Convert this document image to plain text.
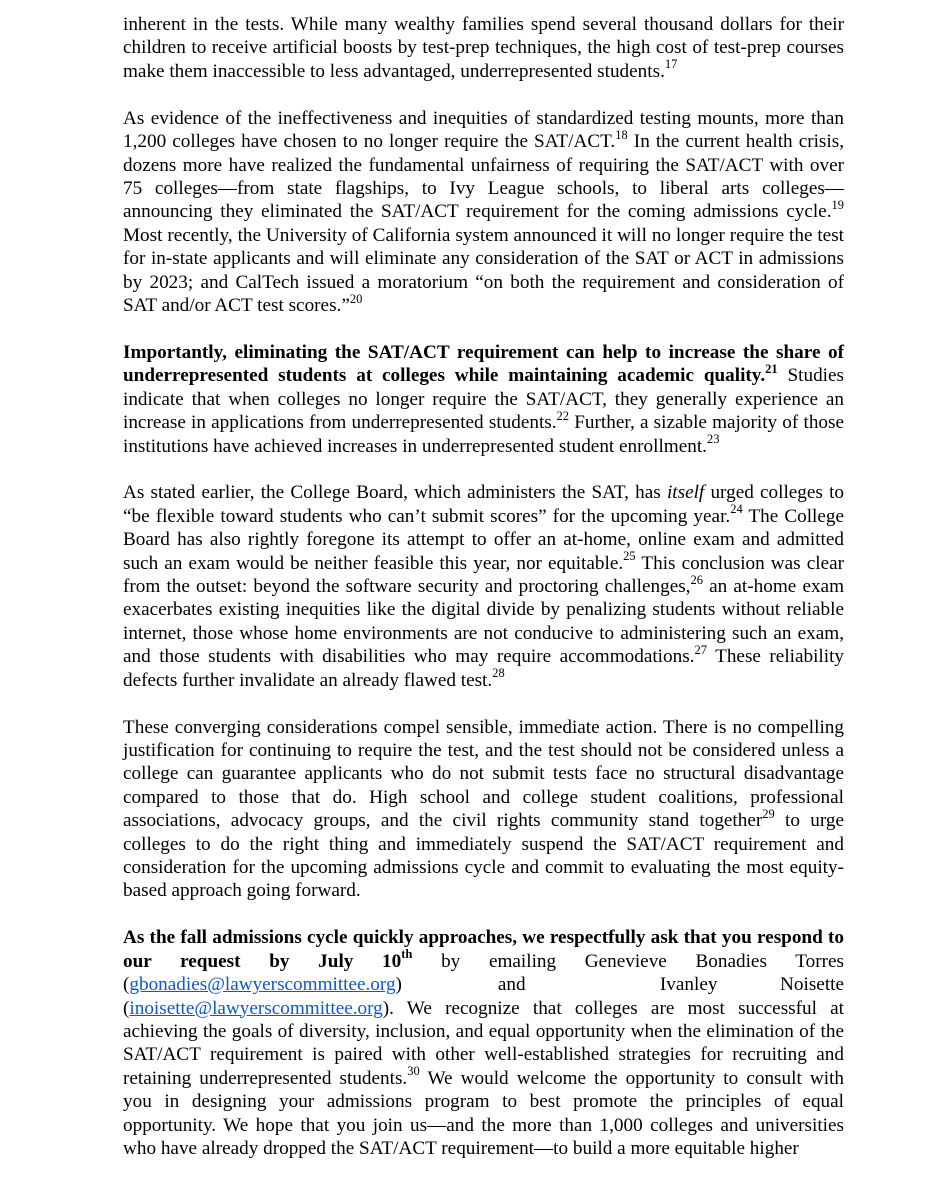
inherent in the tests. While many wealthy families spend several thousand dollars for their children to receive artificial boosts by test-prep techniques, the high cost of test-prep courses make them inaccessible to less advantaged, underrepresented students.$^{17}$

As evidence of the ineffectiveness and inequities of standardized testing mounts, more than 1,200 colleges have chosen to no longer require the SAT/ACT.$^{18}$ In the current health crisis, dozens more have realized the fundamental unfairness of requiring the SAT/ACT with over 75 colleges—from state flagships, to Ivy League schools, to liberal arts colleges—announcing they eliminated the SAT/ACT requirement for the coming admissions cycle.$^{19}$ Most recently, the University of California system announced it will no longer require the test for in-state applicants and will eliminate any consideration of the SAT or ACT in admissions by 2023; and CalTech issued a moratorium “on both the requirement and consideration of SAT and/or ACT test scores.”$^{20}$

Importantly, eliminating the SAT/ACT requirement can help to increase the share of underrepresented students at colleges while maintaining academic quality.$^{21}$ Studies indicate that when colleges no longer require the SAT/ACT, they generally experience an increase in applications from underrepresented students.$^{22}$ Further, a sizable majority of those institutions have achieved increases in underrepresented student enrollment.$^{23}$

As stated earlier, the College Board, which administers the SAT, has itself urged colleges to “be flexible toward students who can’t submit scores” for the upcoming year.$^{24}$ The College Board has also rightly foregone its attempt to offer an at-home, online exam and admitted such an exam would be neither feasible this year, nor equitable.$^{25}$ This conclusion was clear from the outset: beyond the software security and proctoring challenges,$^{26}$ an at-home exam exacerbates existing inequities like the digital divide by penalizing students without reliable internet, those whose home environments are not conducive to administering such an exam, and those students with disabilities who may require accommodations.$^{27}$ These reliability defects further invalidate an already flawed test.$^{28}$

These converging considerations compel sensible, immediate action. There is no compelling justification for continuing to require the test, and the test should not be considered unless a college can guarantee applicants who do not submit tests face no structural disadvantage compared to those that do. High school and college student coalitions, professional associations, advocacy groups, and the civil rights community stand together$^{29}$ to urge colleges to do the right thing and immediately suspend the SAT/ACT requirement and consideration for the upcoming admissions cycle and commit to evaluating the most equity-based approach going forward.

As the fall admissions cycle quickly approaches, we respectfully ask that you respond to our request by July 10th by emailing Genevieve Bonadies Torres (gbonadies@lawyerscommittee.org)          	and              	Ivanley Noisette (inoisette@lawyerscommittee.org). We recognize that colleges are most successful at achieving the goals of diversity, inclusion, and equal opportunity when the elimination of the SAT/ACT requirement is paired with other well-established strategies for recruiting and retaining underrepresented students.$^{30}$ We would welcome the opportunity to consult with you in designing your admissions program to best promote the principles of equal opportunity. We hope that you join us—and the more than 1,000 colleges and universities who have already dropped the SAT/ACT requirement—to build a more equitable higher
